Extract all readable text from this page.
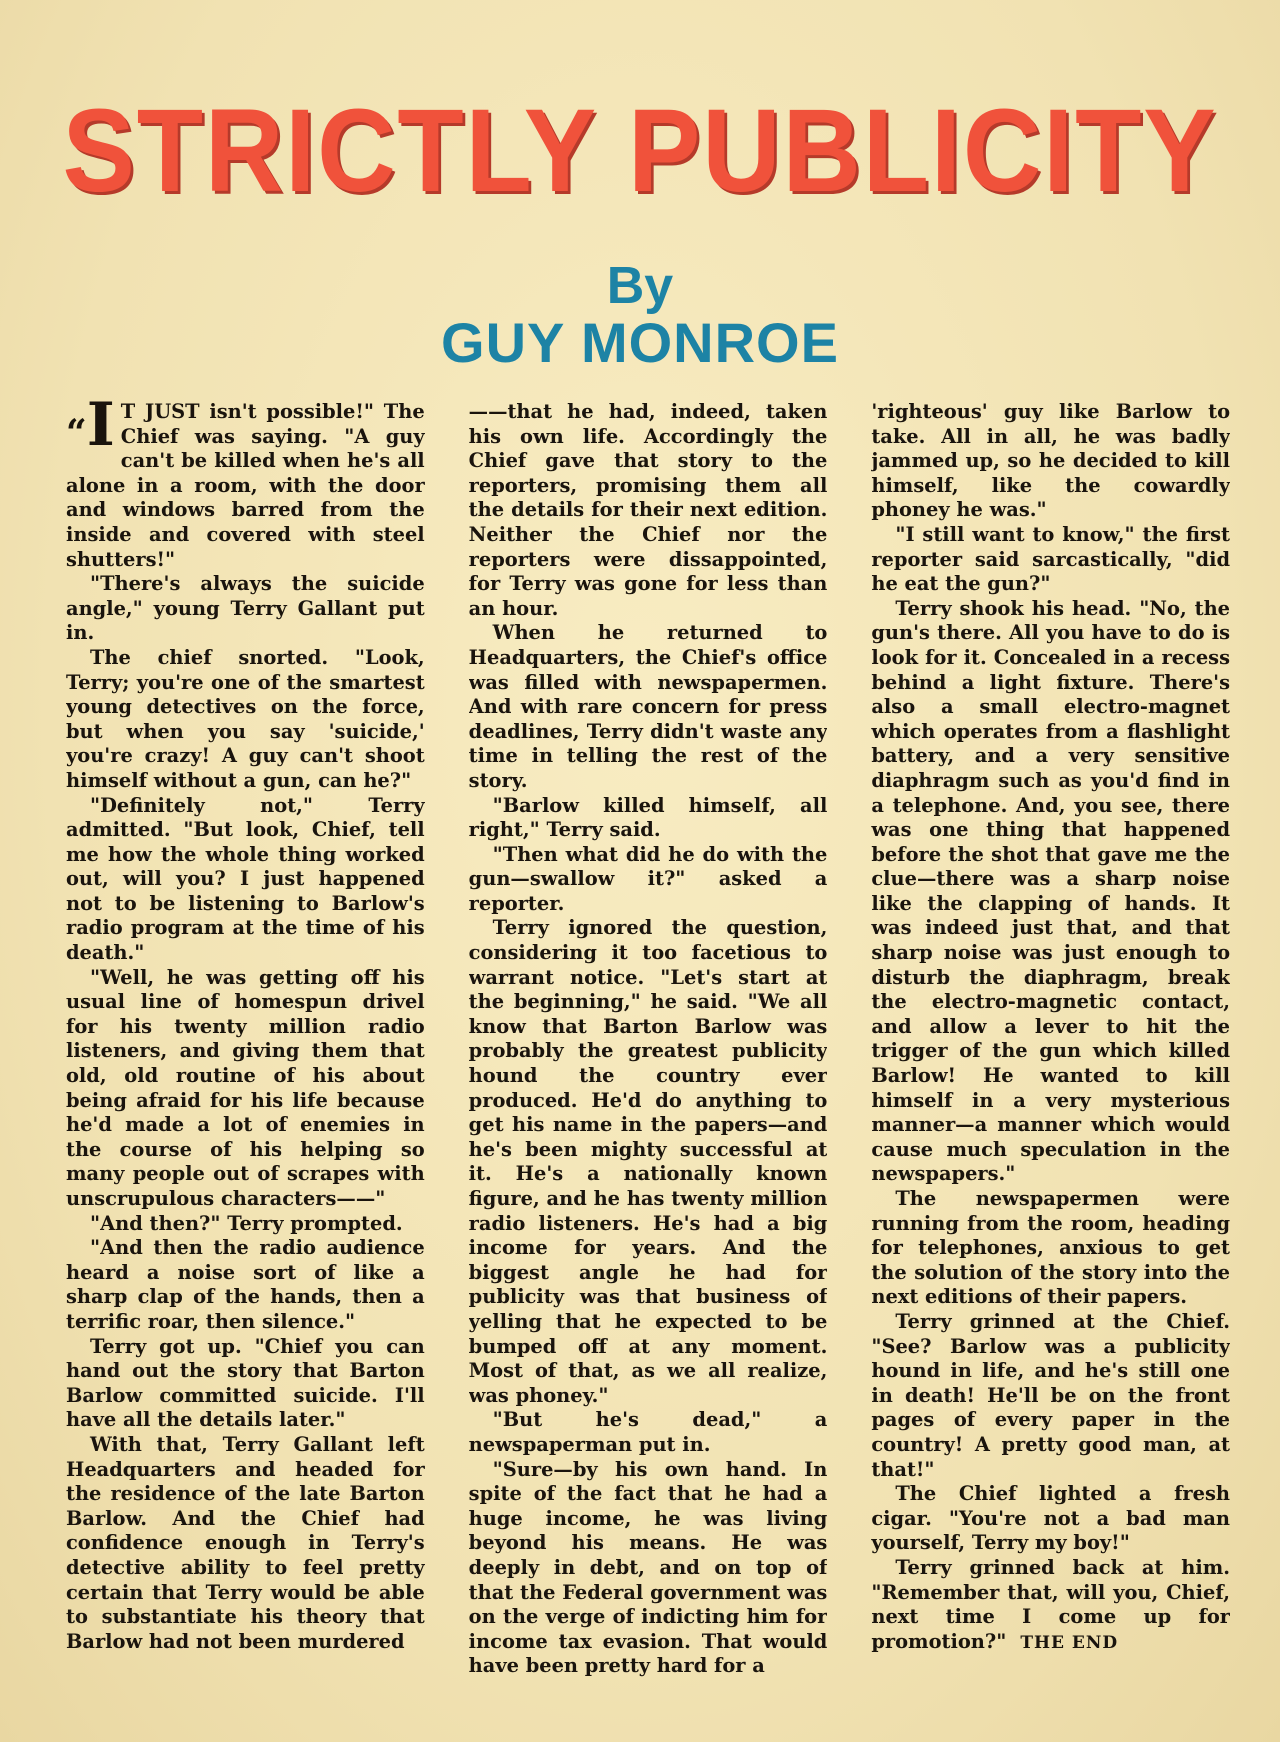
STRICTLY PUBLICITY
By
GUY MONROE

“I T JUST isn't possible!" The Chief was saying. "A guy can't be killed when he's all alone in a room, with the door and windows barred from the inside and covered with steel shutters!"

"There's always the suicide angle," young Terry Gallant put in.

The chief snorted. "Look, Terry; you're one of the smartest young detectives on the force, but when you say 'suicide,' you're crazy! A guy can't shoot himself without a gun, can he?"

"Definitely not," Terry admitted. "But look, Chief, tell me how the whole thing worked out, will you? I just happened not to be listening to Barlow's radio program at the time of his death."

"Well, he was getting off his usual line of homespun drivel for his twenty million radio listeners, and giving them that old, old routine of his about being afraid for his life because he'd made a lot of enemies in the course of his helping so many people out of scrapes with unscrupulous characters——"

"And then?" Terry prompted.

"And then the radio audience heard a noise sort of like a sharp clap of the hands, then a terrific roar, then silence."

Terry got up. "Chief you can hand out the story that Barton Barlow committed suicide. I'll have all the details later."

With that, Terry Gallant left Headquarters and headed for the residence of the late Barton Barlow. And the Chief had confidence enough in Terry's detective ability to feel pretty certain that Terry would be able to substantiate his theory that Barlow had not been murdered

——that he had, indeed, taken his own life. Accordingly the Chief gave that story to the reporters, promising them all the details for their next edition. Neither the Chief nor the reporters were dissappointed, for Terry was gone for less than an hour.

When he returned to Headquarters, the Chief's office was filled with newspapermen. And with rare concern for press deadlines, Terry didn't waste any time in telling the rest of the story.

"Barlow killed himself, all right," Terry said.

"Then what did he do with the gun—swallow it?" asked a reporter.

Terry ignored the question, considering it too facetious to warrant notice. "Let's start at the beginning," he said. "We all know that Barton Barlow was probably the greatest publicity hound the country ever produced. He'd do anything to get his name in the papers—and he's been mighty successful at it. He's a nationally known figure, and he has twenty million radio listeners. He's had a big income for years. And the biggest angle he had for publicity was that business of yelling that he expected to be bumped off at any moment. Most of that, as we all realize, was phoney."

"But he's dead," a newspaperman put in.

"Sure—by his own hand. In spite of the fact that he had a huge income, he was living beyond his means. He was deeply in debt, and on top of that the Federal government was on the verge of indicting him for income tax evasion. That would have been pretty hard for a

'righteous' guy like Barlow to take. All in all, he was badly jammed up, so he decided to kill himself, like the cowardly phoney he was."

"I still want to know," the first reporter said sarcastically, "did he eat the gun?"

Terry shook his head. "No, the gun's there. All you have to do is look for it. Concealed in a recess behind a light fixture. There's also a small electro-magnet which operates from a flashlight battery, and a very sensitive diaphragm such as you'd find in a telephone. And, you see, there was one thing that happened before the shot that gave me the clue—there was a sharp noise like the clapping of hands. It was indeed just that, and that sharp noise was just enough to disturb the diaphragm, break the electro-magnetic contact, and allow a lever to hit the trigger of the gun which killed Barlow! He wanted to kill himself in a very mysterious manner—a manner which would cause much speculation in the newspapers."

The newspapermen were running from the room, heading for telephones, anxious to get the solution of the story into the next editions of their papers.

Terry grinned at the Chief. "See? Barlow was a publicity hound in life, and he's still one in death! He'll be on the front pages of every paper in the country! A pretty good man, at that!"

The Chief lighted a fresh cigar. "You're not a bad man yourself, Terry my boy!"

Terry grinned back at him. "Remember that, will you, Chief, next time I come up for promotion?" THE END
